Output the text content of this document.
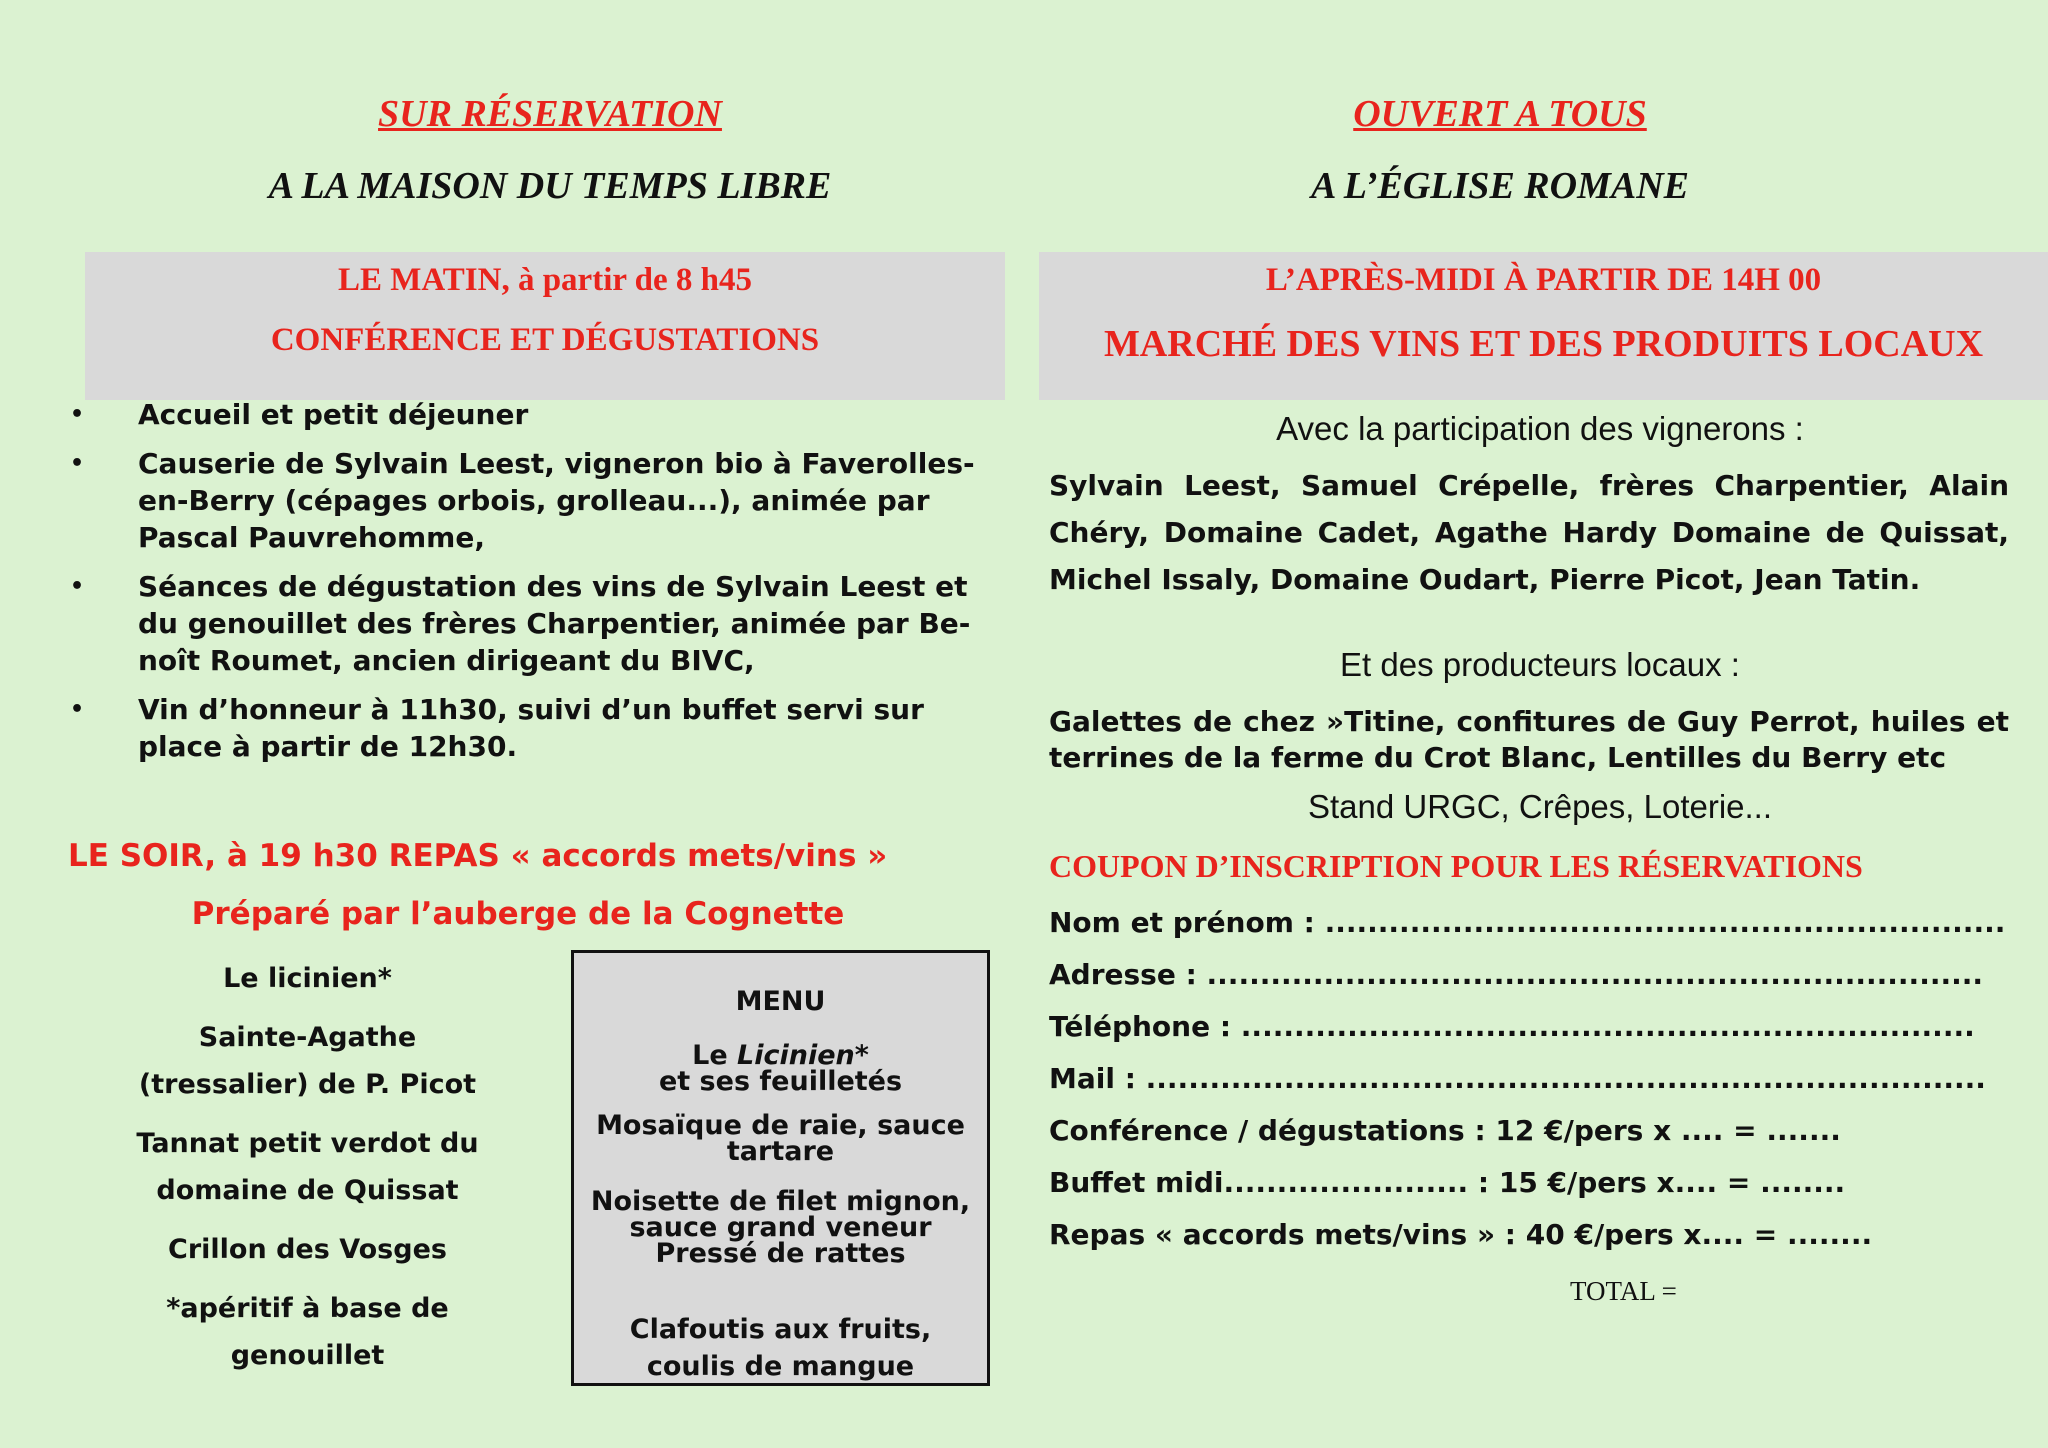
SUR RÉSERVATION
A LA MAISON DU TEMPS LIBRE
LE MATIN, à partir de 8 h45
CONFÉRENCE ET DÉGUSTATIONS
• Accueil et petit déjeuner
• Causerie de Sylvain Leest, vigneron bio à Faverolles-en-Berry (cépages orbois, grolleau...), animée par Pascal Pauvrehomme,
• Séances de dégustation des vins de Sylvain Leest et du genouillet des frères Charpentier, animée par Be-noît Roumet, ancien dirigeant du BIVC,
• Vin d’honneur à 11h30, suivi d’un buffet servi sur place à partir de 12h30.
LE SOIR, à 19 h30 REPAS « accords mets/vins »
Préparé par l’auberge de la Cognette
Le licinien*
Sainte-Agathe (tressalier) de P. Picot
Tannat petit verdot du domaine de Quissat
Crillon des Vosges
*apéritif à base de genouillet
MENU
Le Licinien*
et ses feuilletés
Mosaïque de raie, sauce tartare
Noisette de filet mignon, sauce grand veneur Pressé de rattes
Clafoutis aux fruits, coulis de mangue
OUVERT A TOUS
A L’ÉGLISE ROMANE
L’APRÈS-MIDI À PARTIR DE 14H 00
MARCHÉ DES VINS ET DES PRODUITS LOCAUX
Avec la participation des vignerons :
Sylvain Leest, Samuel Crépelle, frères Charpentier, Alain Chéry, Domaine Cadet, Agathe Hardy Domaine de Quissat, Michel Issaly, Domaine Oudart, Pierre Picot, Jean Tatin.
Et des producteurs locaux :
Galettes de chez »Titine, confitures de Guy Perrot, huiles et terrines de la ferme du Crot Blanc, Lentilles du Berry etc
Stand URGC, Crêpes, Loterie...
COUPON D’INSCRIPTION POUR LES RÉSERVATIONS
Nom et prénom : ................................................................
Adresse : .........................................................................
Téléphone : .....................................................................
Mail : ...............................................................................
Conférence / dégustations : 12 €/pers x .... = .......
Buffet midi....................... : 15 €/pers x.... = ........
Repas « accords mets/vins » : 40 €/pers x.... = ........
TOTAL =
